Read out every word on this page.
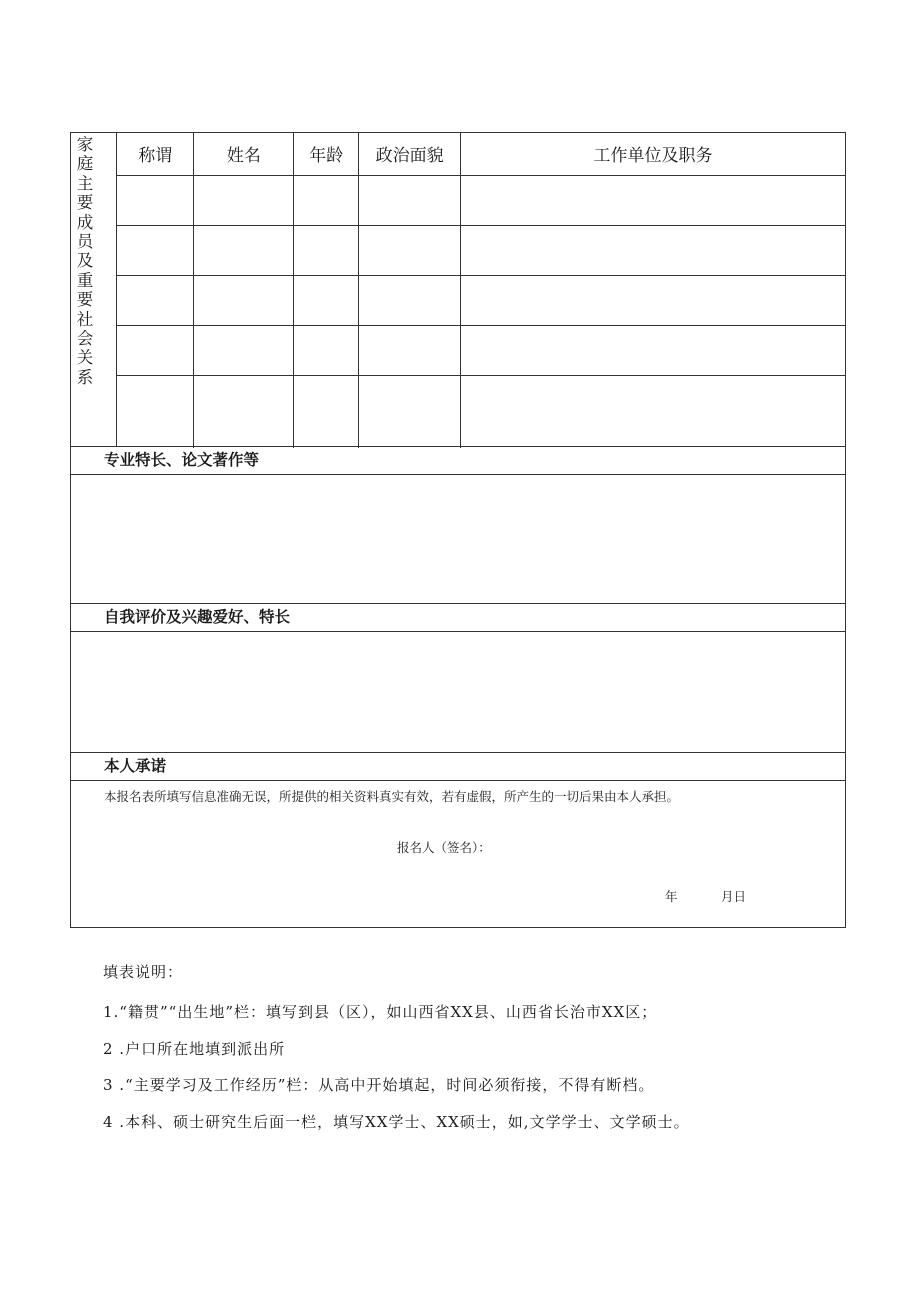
家庭主要成员及重要社会关系
称谓	姓名	年龄	政治面貌	工作单位及职务

专业特长、论文著作等
自我评价及兴趣爱好、特长
本人承诺
本报名表所填写信息准确无误，所提供的相关资料真实有效，若有虚假，所产生的一切后果由本人承担。
报名人（签名）：
年	月日
填表说明：
1.“籍贯”“出生地”栏：填写到县（区），如山西省XX县、山西省长治市XX区；
2 .户口所在地填到派出所
3 .“主要学习及工作经历”栏：从高中开始填起，时间必须衔接，不得有断档。
4 .本科、硕士研究生后面一栏，填写XX学士、XX硕士，如,文学学士、文学硕士。
